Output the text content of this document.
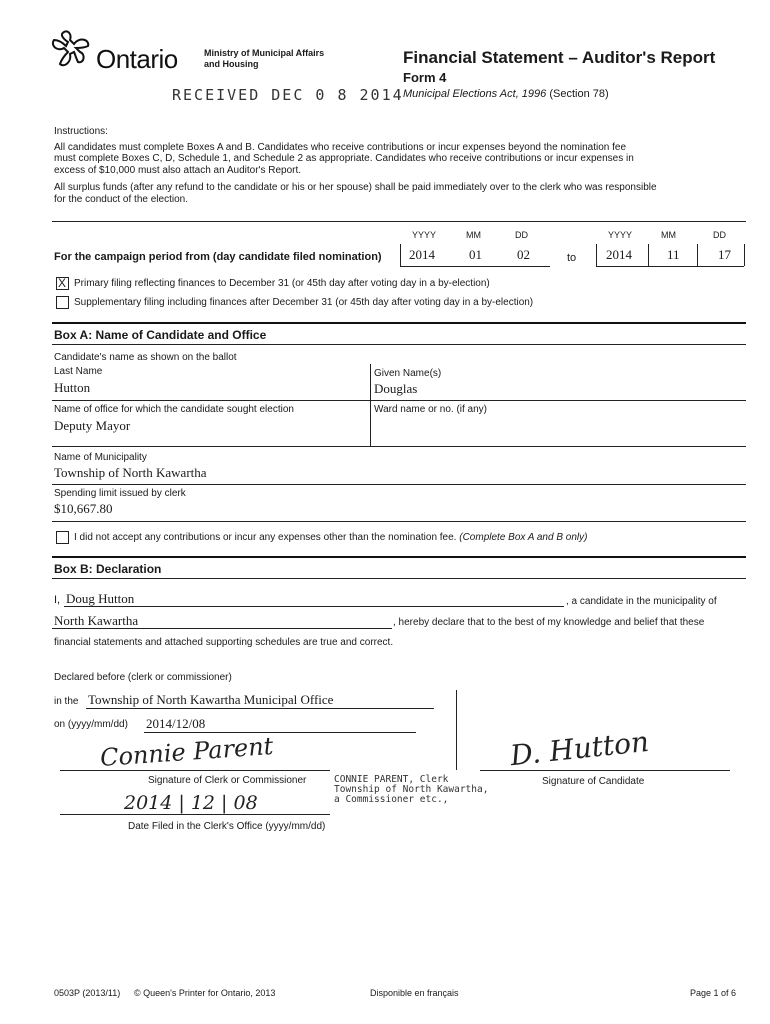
Ontario	Ministry of Municipal Affairs
and Housing
RECEIVED DEC 0 8 2014
Financial Statement – Auditor's Report
Form 4
Municipal Elections Act, 1996 (Section 78)
Instructions:
All candidates must complete Boxes A and B. Candidates who receive contributions or incur expenses beyond the nomination fee
must complete Boxes C, D, Schedule 1, and Schedule 2 as appropriate. Candidates who receive contributions or incur expenses in
excess of $10,000 must also attach an Auditor's Report.
All surplus funds (after any refund to the candidate or his or her spouse) shall be paid immediately over to the clerk who was responsible
for the conduct of the election.
YYYY	MM	DD	YYYY	MM	DD
For the campaign period from (day candidate filed nomination) 2014	01	02	to 2014	11	17
X Primary filing reflecting finances to December 31 (or 45th day after voting day in a by-election)
Supplementary filing including finances after December 31 (or 45th day after voting day in a by-election)
Box A: Name of Candidate and Office
Candidate's name as shown on the ballot
Last Name
Hutton
Given Name(s)
Douglas
Name of office for which the candidate sought election
Deputy Mayor
Ward name or no. (if any)
Name of Municipality
Township of North Kawartha
Spending limit issued by clerk
$10,667.80
I did not accept any contributions or incur any expenses other than the nomination fee. (Complete Box A and B only)
Box B: Declaration
I, Doug Hutton	, a candidate in the municipality of
North Kawartha	, hereby declare that to the best of my knowledge and belief that these
financial statements and attached supporting schedules are true and correct.
Declared before (clerk or commissioner)
in the Township of North Kawartha Municipal Office
on (yyyy/mm/dd) 2014/12/08
Connie Parent
Signature of Clerk or Commissioner	CONNIE PARENT, Clerk
Township of North Kawartha,
a Commissioner etc.,
D. Hutton
Signature of Candidate
2014 | 12 | 08
Date Filed in the Clerk's Office (yyyy/mm/dd)
0503P (2013/11) © Queen's Printer for Ontario, 2013	Disponible en français	Page 1 of 6
